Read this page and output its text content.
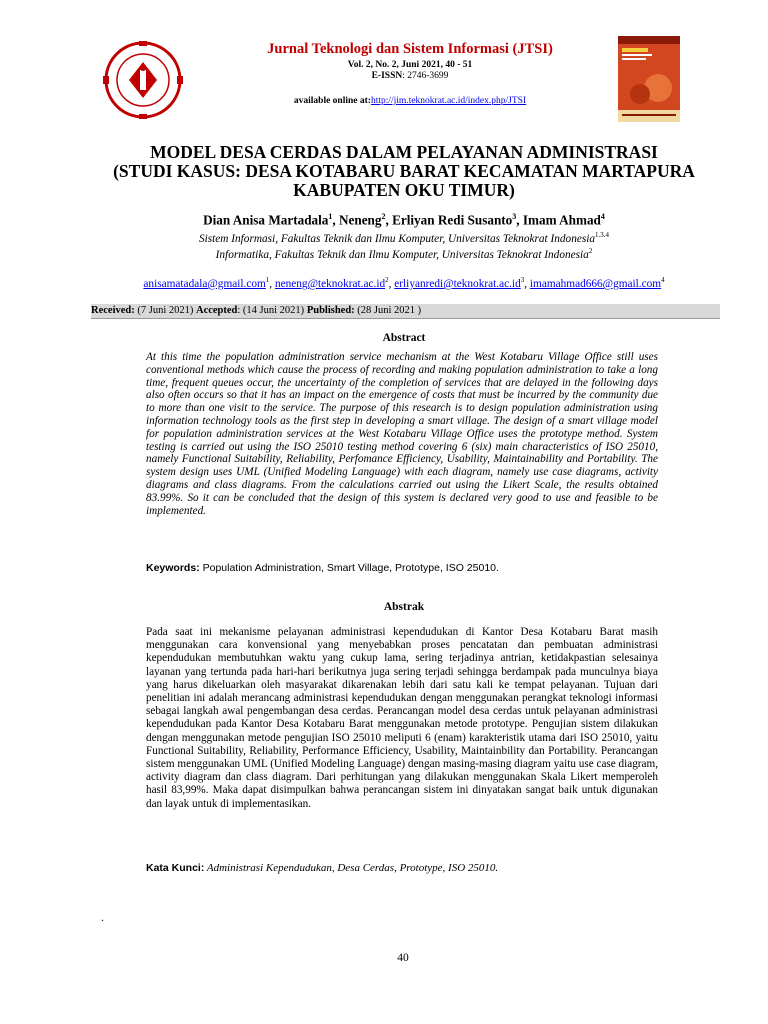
Jurnal Teknologi dan Sistem Informasi (JTSI)
Vol. 2, No. 2, Juni 2021, 40 - 51
E-ISSN: 2746-3699
available online at:http://jim.teknokrat.ac.id/index.php/JTSI
MODEL DESA CERDAS DALAM PELAYANAN ADMINISTRASI
(STUDI KASUS: DESA KOTABARU BARAT KECAMATAN MARTAPURA
KABUPATEN OKU TIMUR)
Dian Anisa Martadala$^1$, Neneng$^2$, Erliyan Redi Susanto$^3$, Imam Ahmad$^4$
Sistem Informasi, Fakultas Teknik dan Ilmu Komputer, Universitas Teknokrat Indonesia$^{1.3.4}$
Informatika, Fakultas Teknik dan Ilmu Komputer, Universitas Teknokrat Indonesia$^2$
anisamatadala@gmail.com$^1$, $neneng@teknokrat.ac.id^2$, $erliyanredi@teknokrat.ac.id^3$, imamahmad666@gmail.com$^4$
Received: (7 Juni 2021) Accepted: (14 Juni 2021) Published: (28 Juni 2021 )
Abstract
At this time the population administration service mechanism at the West Kotabaru Village Office still uses conventional methods which cause the process of recording and making population administration to take a long time, frequent queues occur, the uncertainty of the completion of services that are delayed in the following days also often occurs so that it has an impact on the emergence of costs that must be incurred by the community due to more than one visit to the service. The purpose of this research is to design population administration using information technology tools as the first step in developing a smart village. The design of a smart village model for population administration services at the West Kotabaru Village Office uses the prototype method. System testing is carried out using the ISO 25010 testing method covering 6 (six) main characteristics of ISO 25010, namely Functional Suitability, Reliability, Perfomance Efficiency, Usability, Maintainability and Portability. The system design uses UML (Unified Modeling Language) with each diagram, namely use case diagrams, activity diagrams and class diagrams. From the calculations carried out using the Likert Scale, the results obtained 83.99%. So it can be concluded that the design of this system is declared very good to use and feasible to be implemented.
Keywords: Population Administration, Smart Village, Prototype, ISO 25010.
Abstrak
Pada saat ini mekanisme pelayanan administrasi kependudukan di Kantor Desa Kotabaru Barat masih menggunakan cara konvensional yang menyebabkan proses pencatatan dan pembuatan administrasi kependudukan membutuhkan waktu yang cukup lama, sering terjadinya antrian, ketidakpastian selesainya layanan yang tertunda pada hari-hari berikutnya juga sering terjadi sehingga berdampak pada munculnya biaya yang harus dikeluarkan oleh masyarakat dikarenakan lebih dari satu kali ke tempat pelayanan. Tujuan dari penelitian ini adalah merancang administrasi kependudukan dengan menggunakan perangkat teknologi informasi sebagai langkah awal pengembangan desa cerdas. Perancangan model desa cerdas untuk pelayanan administrasi kependudukan pada Kantor Desa Kotabaru Barat menggunakan metode prototype. Pengujian sistem dilakukan dengan menggunakan metode pengujian ISO 25010 meliputi 6 (enam) karakteristik utama dari ISO 25010, yaitu Functional Suitability, Reliability, Performance Efficiency, Usability, Maintainbility dan Portability. Perancangan sistem menggunakan UML (Unified Modeling Language) dengan masing-masing diagram yaitu use case diagram, activity diagram dan class diagram. Dari perhitungan yang dilakukan menggunakan Skala Likert memperoleh hasil 83,99%. Maka dapat disimpulkan bahwa perancangan sistem ini dinyatakan sangat baik untuk digunakan dan layak untuk di implementasikan.
Kata Kunci: Administrasi Kependudukan, Desa Cerdas, Prototype, ISO 25010.
.
40
